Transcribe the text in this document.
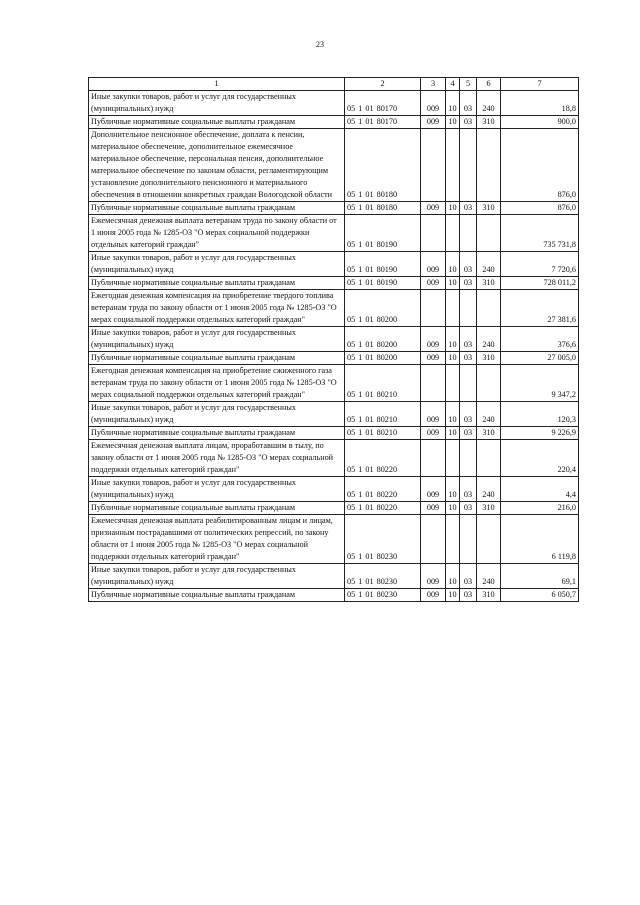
23
1	2	3	4	5	6	7
Иные закупки товаров, работ и услуг для государственных (муниципальных) нужд	05 1 01 80170	009	10	03	240	18,8
Публичные нормативные социальные выплаты гражданам	05 1 01 80170	009	10	03	310	900,0
Дополнительное пенсионное обеспечение, доплата к пенсии, материальное обеспечение, дополнительное ежемесячное материальное обеспечение, персональная пенсия, дополнительное материальное обеспечение по законам области, регламентирующим установление дополнительного пенсионного и материального обеспечения в отношении конкретных граждан Вологодской области	05 1 01 80180					876,0
Публичные нормативные социальные выплаты гражданам	05 1 01 80180	009	10	03	310	876,0
Ежемесячная денежная выплата ветеранам труда по закону области от 1 июня 2005 года № 1285-ОЗ "О мерах социальной поддержки отдельных категорий граждан"	05 1 01 80190					735 731,8
Иные закупки товаров, работ и услуг для государственных (муниципальных) нужд	05 1 01 80190	009	10	03	240	7 720,6
Публичные нормативные социальные выплаты гражданам	05 1 01 80190	009	10	03	310	728 011,2
Ежегодная денежная компенсация на приобретение твердого топлива ветеранам труда по закону области от 1 июня 2005 года № 1285-ОЗ "О мерах социальной поддержки отдельных категорий граждан"	05 1 01 80200					27 381,6
Иные закупки товаров, работ и услуг для государственных (муниципальных) нужд	05 1 01 80200	009	10	03	240	376,6
Публичные нормативные социальные выплаты гражданам	05 1 01 80200	009	10	03	310	27 005,0
Ежегодная денежная компенсация на приобретение сжиженного газа ветеранам труда по закону области от 1 июня 2005 года № 1285-ОЗ "О мерах социальной поддержки отдельных категорий граждан"	05 1 01 80210					9 347,2
Иные закупки товаров, работ и услуг для государственных (муниципальных) нужд	05 1 01 80210	009	10	03	240	120,3
Публичные нормативные социальные выплаты гражданам	05 1 01 80210	009	10	03	310	9 226,9
Ежемесячная денежная выплата лицам, проработавшим в тылу, по закону области от 1 июня 2005 года № 1285-ОЗ "О мерах социальной поддержки отдельных категорий граждан"	05 1 01 80220					220,4
Иные закупки товаров, работ и услуг для государственных (муниципальных) нужд	05 1 01 80220	009	10	03	240	4,4
Публичные нормативные социальные выплаты гражданам	05 1 01 80220	009	10	03	310	216,0
Ежемесячная денежная выплата реабилитированным лицам и лицам, признанным пострадавшими от политических репрессий, по закону области от 1 июня 2005 года № 1285-ОЗ "О мерах социальной поддержки отдельных категорий граждан"	05 1 01 80230					6 119,8
Иные закупки товаров, работ и услуг для государственных (муниципальных) нужд	05 1 01 80230	009	10	03	240	69,1
Публичные нормативные социальные выплаты гражданам	05 1 01 80230	009	10	03	310	6 050,7
